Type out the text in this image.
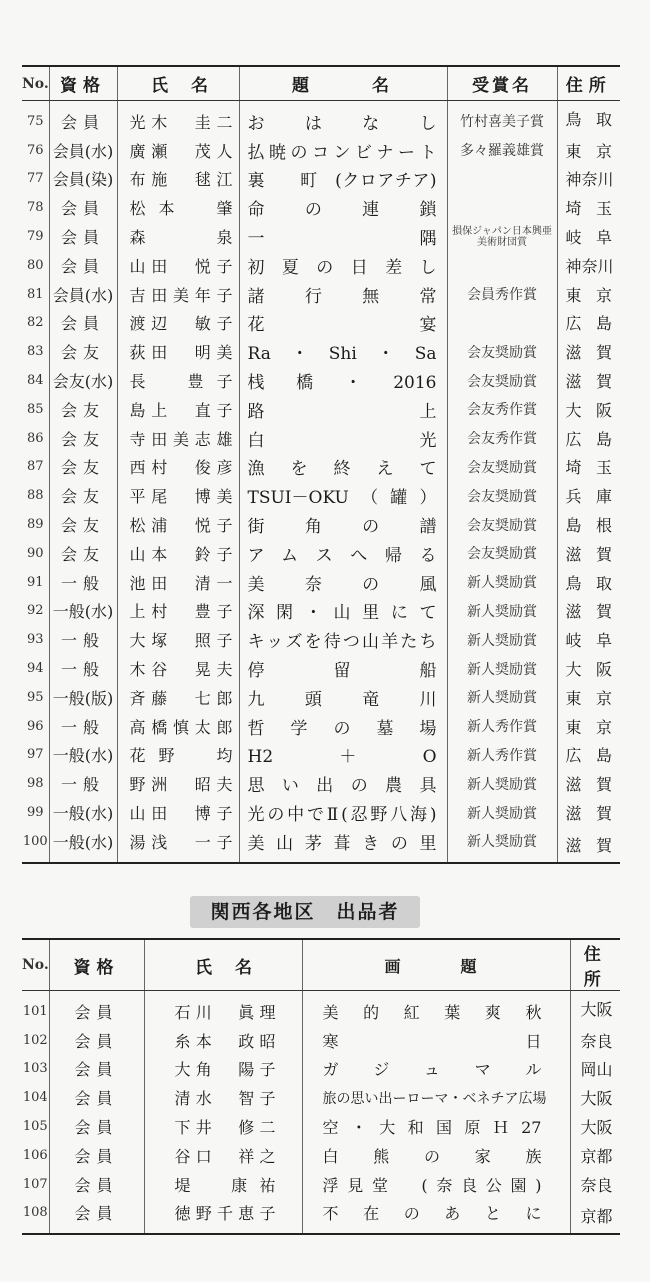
No.	資格	氏　名	題　　　名	受賞名	住所
75	会員	光木　圭二	おはなし	竹村喜美子賞	鳥取
76	会員(水)	廣瀬　茂人	払暁のコンビナート	多々羅義雄賞	東京
77	会員(染)	布施　毬江	裏　　町　(クロアチア)		神奈川
78	会員	松本　肇	命の連鎖		埼玉
79	会員	森　泉	一隅	損保ジャパン日本興亜美術財団賞	岐阜
80	会員	山田　悦子	初夏の日差し		神奈川
81	会員(水)	吉田美年子	諸行無常	会員秀作賞	東京
82	会員	渡辺　敏子	花宴		広島
83	会友	荻田　明美	Ra・Shi・Sa	会友奨励賞	滋賀
84	会友(水)	長　豊子	桟橋・2016	会友奨励賞	滋賀
85	会友	島上　直子	路上	会友秀作賞	大阪
86	会友	寺田美志雄	白光	会友秀作賞	広島
87	会友	西村　俊彦	漁を終えて	会友奨励賞	埼玉
88	会友	平尾　博美	TSUI－OKU（罐）	会友奨励賞	兵庫
89	会友	松浦　悦子	街角の譜	会友奨励賞	島根
90	会友	山本　鈴子	アムスへ帰る	会友奨励賞	滋賀
91	一般	池田　清一	美奈の風	新人奨励賞	鳥取
92	一般(水)	上村　豊子	深閑・山里にて	新人奨励賞	滋賀
93	一般	大塚　照子	キッズを待つ山羊たち	新人奨励賞	岐阜
94	一般	木谷　晃夫	停留船	新人奨励賞	大阪
95	一般(版)	斉藤　七郎	九頭竜川	新人奨励賞	東京
96	一般	高橋慎太郎	哲学の墓場	新人秀作賞	東京
97	一般(水)	花野　均	H2＋O	新人秀作賞	広島
98	一般	野洲　昭夫	思い出の農具	新人奨励賞	滋賀
99	一般(水)	山田　博子	光の中でⅡ(忍野八海)	新人奨励賞	滋賀
100	一般(水)	湯浅　一子	美山茅葺きの里	新人奨励賞	滋賀
関西各地区　出品者
No.	資格	氏　名	画　　　題	住所
101	会員	石川　眞理	美的紅葉爽秋	大阪
102	会員	糸本　政昭	寒日	奈良
103	会員	大角　陽子	ガジュマル	岡山
104	会員	清水　智子	旅の思い出ーローマ・ベネチア広場	大阪
105	会員	下井　修二	空・大和国原Ｈ27	大阪
106	会員	谷口　祥之	白熊の家族	京都
107	会員	堤　康祐	浮見堂　(奈良公園)	奈良
108	会員	徳野千恵子	不在のあとに	京都
